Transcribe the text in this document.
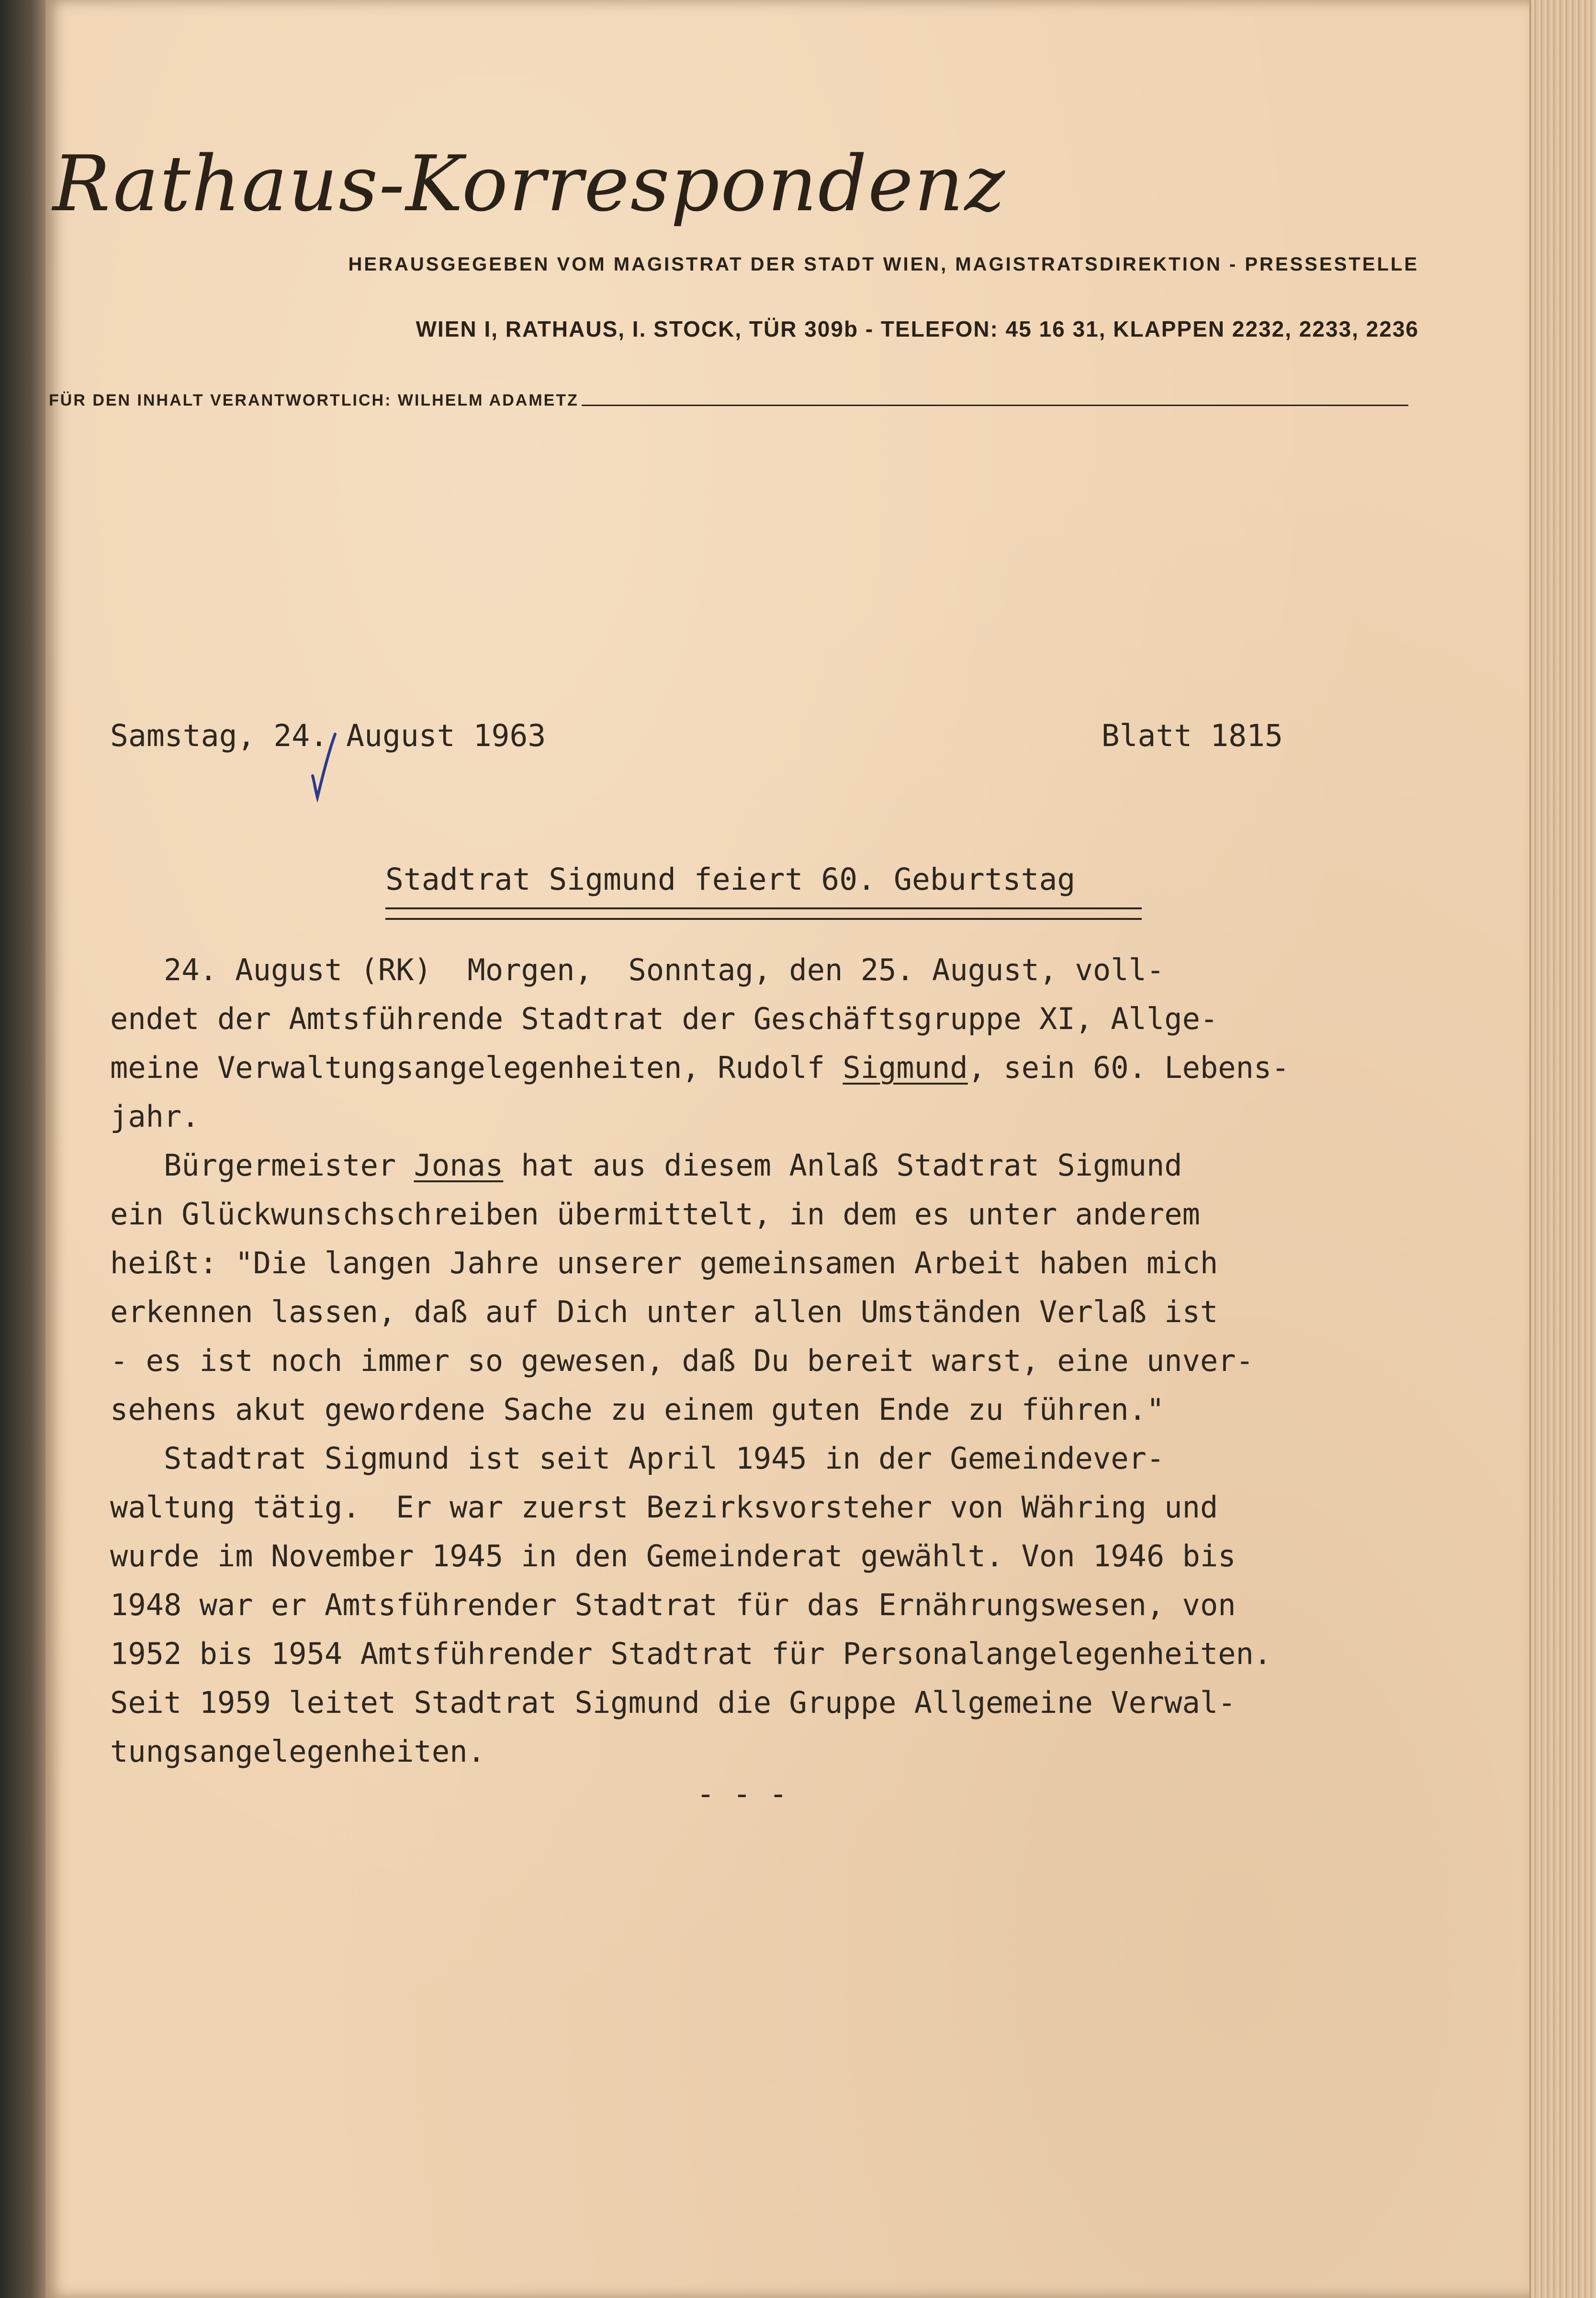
Rathaus-Korrespondenz
HERAUSGEGEBEN VOM MAGISTRAT DER STADT WIEN, MAGISTRATSDIREKTION - PRESSESTELLE
WIEN I, RATHAUS, I. STOCK, TÜR 309b - TELEFON: 45 16 31, KLAPPEN 2232, 2233, 2236
FÜR DEN INHALT VERANTWORTLICH: WILHELM ADAMETZ
Samstag, 24. August 1963	Blatt 1815
Stadtrat Sigmund feiert 60. Geburtstag
24. August (RK)  Morgen,  Sonntag, den 25. August, voll-
endet der Amtsführende Stadtrat der Geschäftsgruppe XI, Allge-
meine Verwaltungsangelegenheiten, Rudolf Sigmund, sein 60. Lebens-
jahr.
Bürgermeister Jonas hat aus diesem Anlaß Stadtrat Sigmund
ein Glückwunschschreiben übermittelt, in dem es unter anderem
heißt: "Die langen Jahre unserer gemeinsamen Arbeit haben mich
erkennen lassen, daß auf Dich unter allen Umständen Verlaß ist
- es ist noch immer so gewesen, daß Du bereit warst, eine unver-
sehens akut gewordene Sache zu einem guten Ende zu führen."
Stadtrat Sigmund ist seit April 1945 in der Gemeindever-
waltung tätig.  Er war zuerst Bezirksvorsteher von Währing und
wurde im November 1945 in den Gemeinderat gewählt. Von 1946 bis
1948 war er Amtsführender Stadtrat für das Ernährungswesen, von
1952 bis 1954 Amtsführender Stadtrat für Personalangelegenheiten.
Seit 1959 leitet Stadtrat Sigmund die Gruppe Allgemeine Verwal-
tungsangelegenheiten.
- - -
